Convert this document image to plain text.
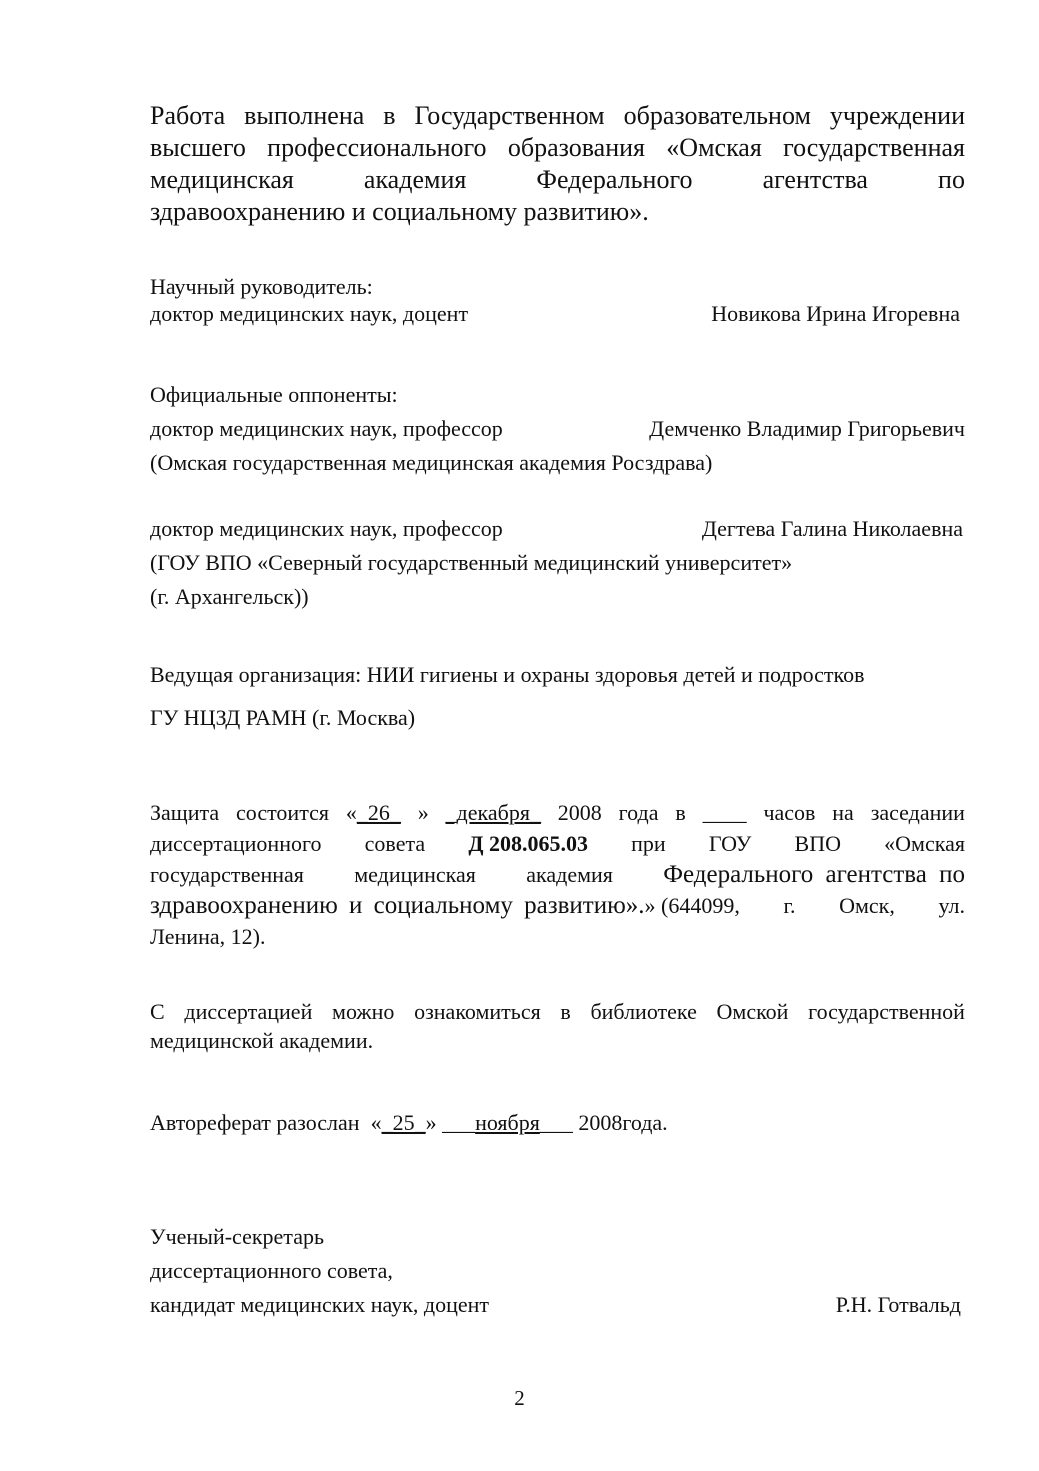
Работа выполнена в Государственном образовательном учреждении
высшего профессионального образования «Омская государственная
медицинская	академия	Федерального	агентства	по
здравоохранению и социальному развитию».
Научный руководитель:
доктор медицинских наук, доцент	Новикова Ирина Игоревна
Официальные оппоненты:
доктор медицинских наук, профессор	Демченко Владимир Григорьевич
(Омская государственная медицинская академия Росздрава)
доктор медицинских наук, профессор	Дегтева Галина Николаевна
(ГОУ ВПО «Северный государственный медицинский университет»
(г. Архангельск))
Ведущая организация: НИИ гигиены и охраны здоровья детей и подростков
ГУ НЦЗД РАМН (г. Москва)
Защита состоится «_26_ » _декабря_ 2008 года в ____ часов на заседании
диссертационного совета Д 208.065.03 при ГОУ ВПО «Омская
государственная медицинская академия Федерального агентства по
здравоохранению и социальному развитию».» (644099, г. Омск, ул.
Ленина, 12).
С диссертацией можно ознакомиться в библиотеке Омской государственной
медицинской академии.
Автореферат разослан  «_25_» ___ноября___ 2008года.
Ученый-секретарь
диссертационного совета,
кандидат медицинских наук, доцент	Р.Н. Готвальд
2
